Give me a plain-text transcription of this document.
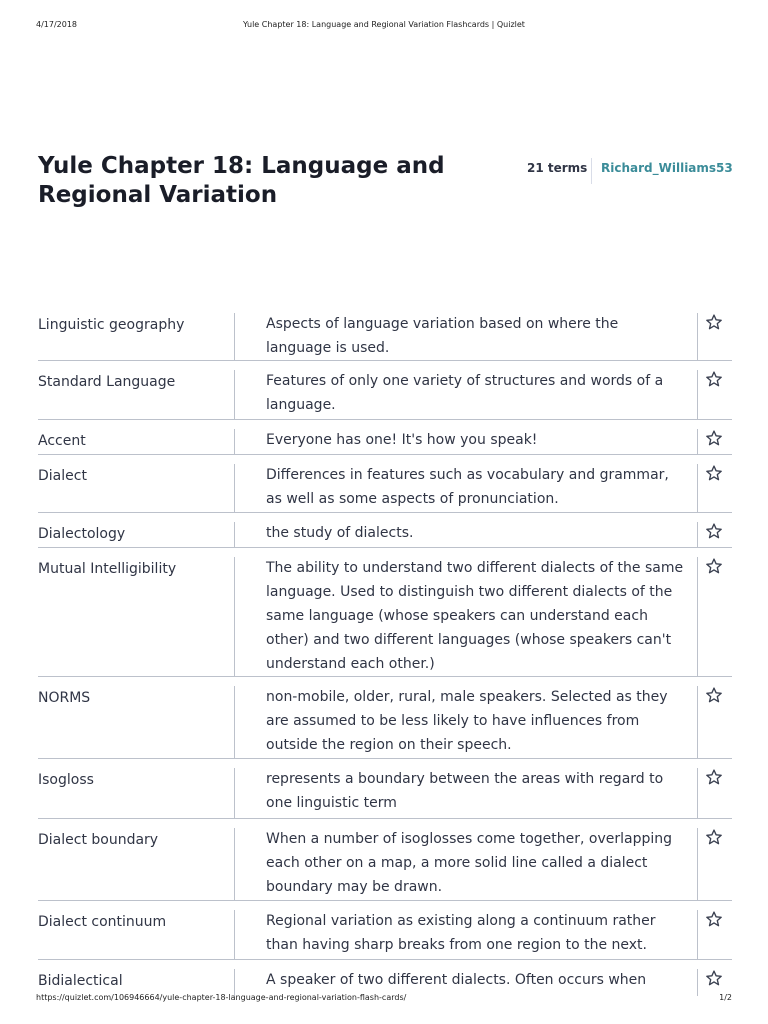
4/17/2018	Yule Chapter 18: Language and Regional Variation Flashcards | Quizlet
Yule Chapter 18: Language and Regional Variation
21 terms Richard_Williams53
Linguistic geography	Aspects of language variation based on where the language is used.
Standard Language	Features of only one variety of structures and words of a language.
Accent	Everyone has one! It's how you speak!
Dialect	Differences in features such as vocabulary and grammar, as well as some aspects of pronunciation.
Dialectology	the study of dialects.
Mutual Intelligibility	The ability to understand two different dialects of the same language. Used to distinguish two different dialects of the same language (whose speakers can understand each other) and two different languages (whose speakers can't understand each other.)
NORMS	non-mobile, older, rural, male speakers. Selected as they are assumed to be less likely to have influences from outside the region on their speech.
Isogloss	represents a boundary between the areas with regard to one linguistic term
Dialect boundary	When a number of isoglosses come together, overlapping each other on a map, a more solid line called a dialect boundary may be drawn.
Dialect continuum	Regional variation as existing along a continuum rather than having sharp breaks from one region to the next.
Bidialectical	A speaker of two different dialects. Often occurs when
https://quizlet.com/106946664/yule-chapter-18-language-and-regional-variation-flash-cards/	1/2
